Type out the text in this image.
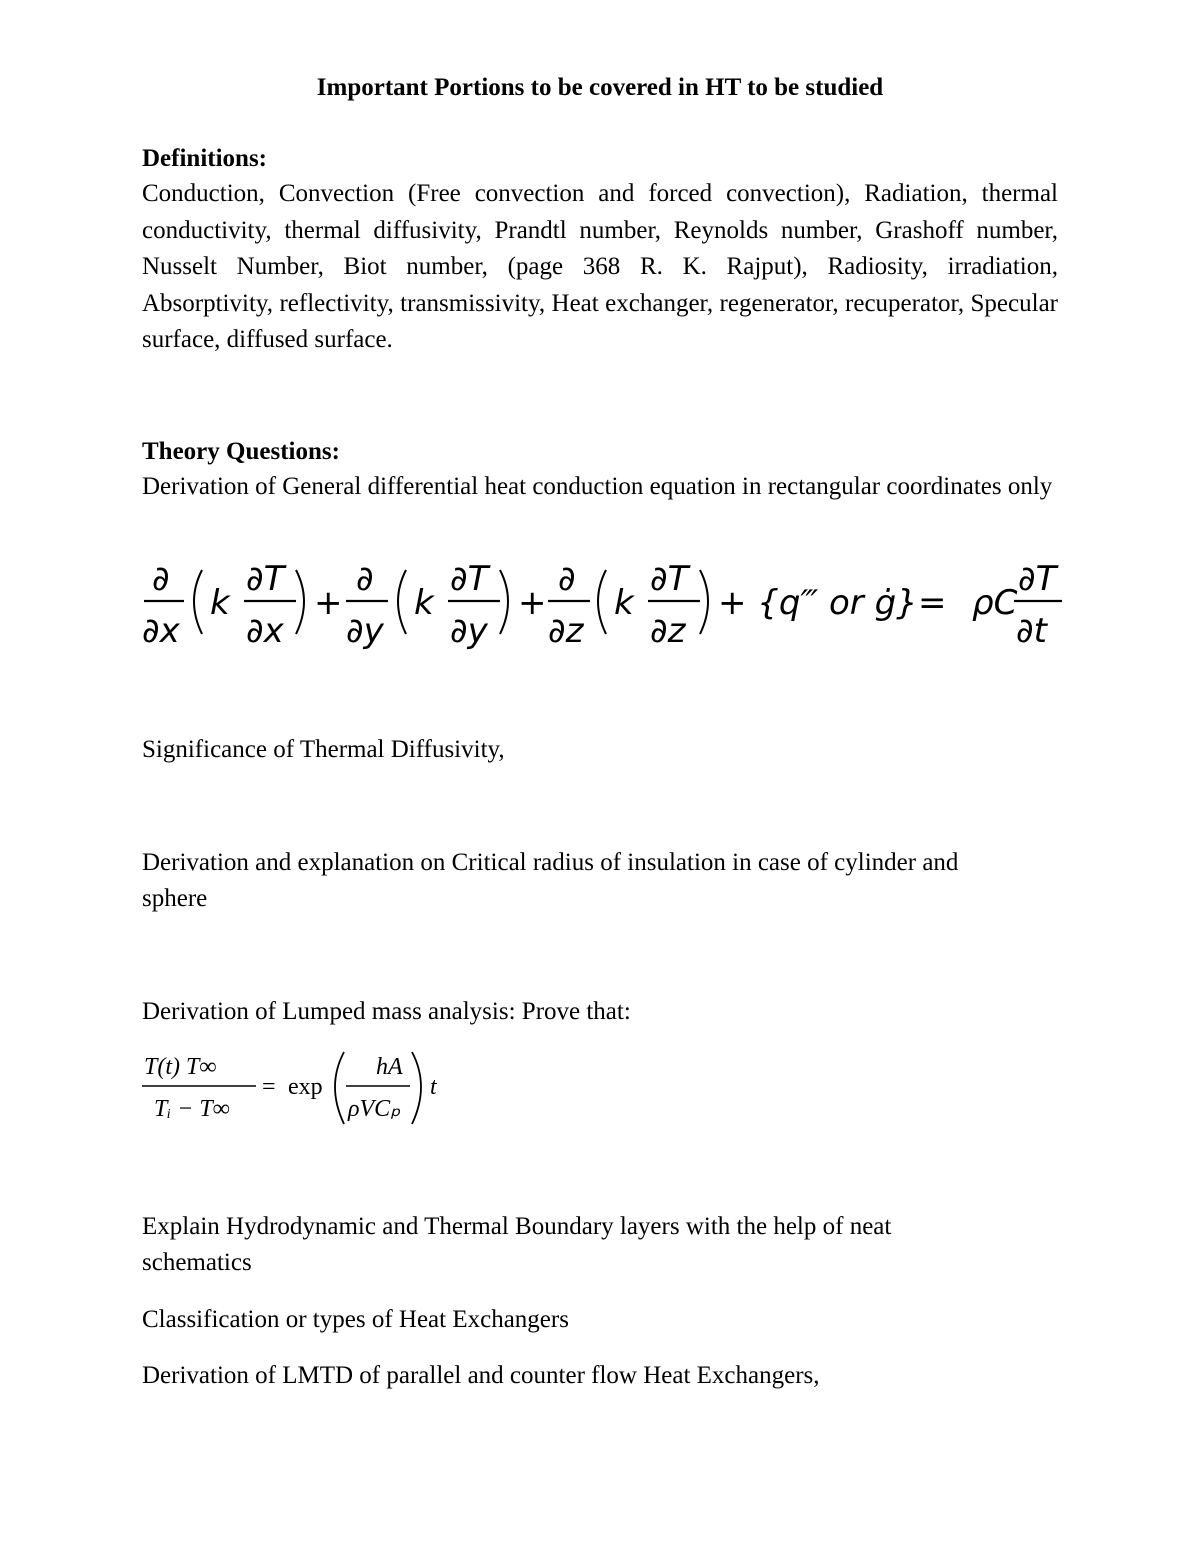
Important Portions to be covered in HT to be studied
Definitions:
Conduction, Convection (Free convection and forced convection), Radiation, thermal conductivity, thermal diffusivity, Prandtl number, Reynolds number, Grashoff number, Nusselt Number, Biot number, (page 368 R. K. Rajput), Radiosity, irradiation, Absorptivity, reflectivity, transmissivity, Heat exchanger, regenerator, recuperator, Specular surface, diffused surface.
Theory Questions:
Derivation of General differential heat conduction equation in rectangular coordinates only
∂
∂x
k
∂T
∂x
+
∂
∂y
k
∂T
∂y
+
∂
∂z
k
∂T
∂z
+ {q‴ or ġ} = ρC
∂T
∂t
Significance of Thermal Diffusivity,
Derivation and explanation on Critical radius of insulation in case of cylinder and
sphere
Derivation of Lumped mass analysis: Prove that:
T(t) T∞
Tᵢ − T∞
= exp
hA
ρVCₚ
t
Explain Hydrodynamic and Thermal Boundary layers with the help of neat
schematics
Classification or types of Heat Exchangers
Derivation of LMTD of parallel and counter flow Heat Exchangers,
